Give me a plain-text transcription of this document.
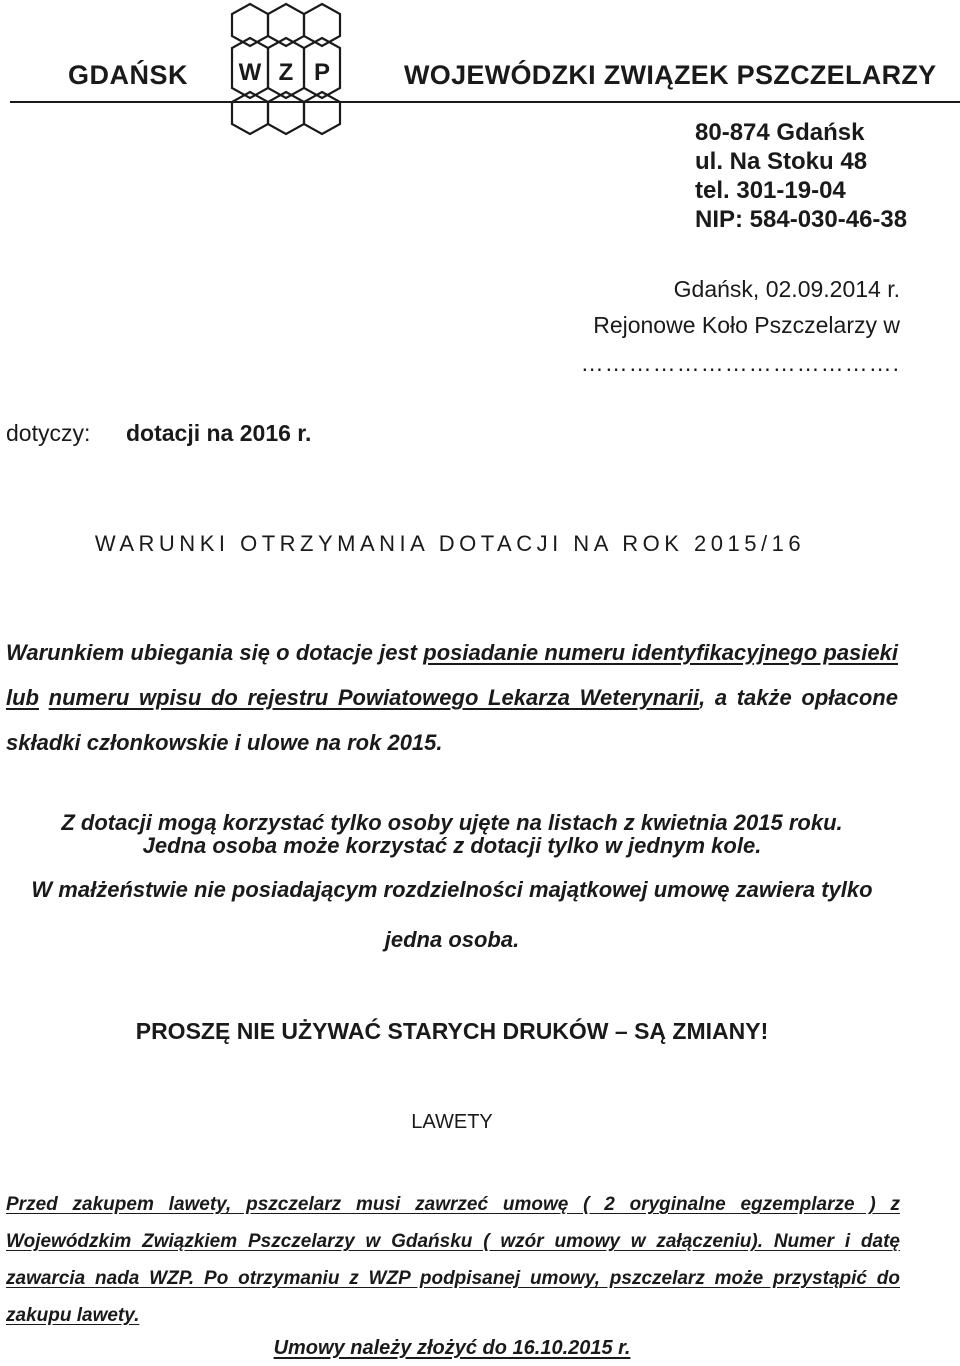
GDAŃSK W Z P	WOJEWÓDZKI ZWIĄZEK PSZCZELARZY
80-874 Gdańsk
ul. Na Stoku 48
tel. 301-19-04
NIP: 584-030-46-38
Gdańsk, 02.09.2014 r.
Rejonowe Koło Pszczelarzy w
………………………………….
dotyczy: dotacji na 2016 r.
WARUNKI OTRZYMANIA DOTACJI NA ROK 2015/16
Warunkiem ubiegania się o dotacje jest posiadanie numeru identyfikacyjnego pasieki lub numeru wpisu do rejestru Powiatowego Lekarza Weterynarii, a także opłacone składki członkowskie i ulowe na rok 2015.
Z dotacji mogą korzystać tylko osoby ujęte na listach z kwietnia 2015 roku.
Jedna osoba może korzystać z dotacji tylko w jednym kole.
W małżeństwie nie posiadającym rozdzielności majątkowej umowę zawiera tylko
jedna osoba.
PROSZĘ NIE UŻYWAĆ STARYCH DRUKÓW – SĄ ZMIANY!
LAWETY
Przed zakupem lawety, pszczelarz musi zawrzeć umowę ( 2 oryginalne egzemplarze ) z Wojewódzkim Związkiem Pszczelarzy w Gdańsku ( wzór umowy w załączeniu). Numer i datę zawarcia nada WZP. Po otrzymaniu z WZP podpisanej umowy, pszczelarz może przystąpić do zakupu lawety.
Umowy należy złożyć do 16.10.2015 r.
